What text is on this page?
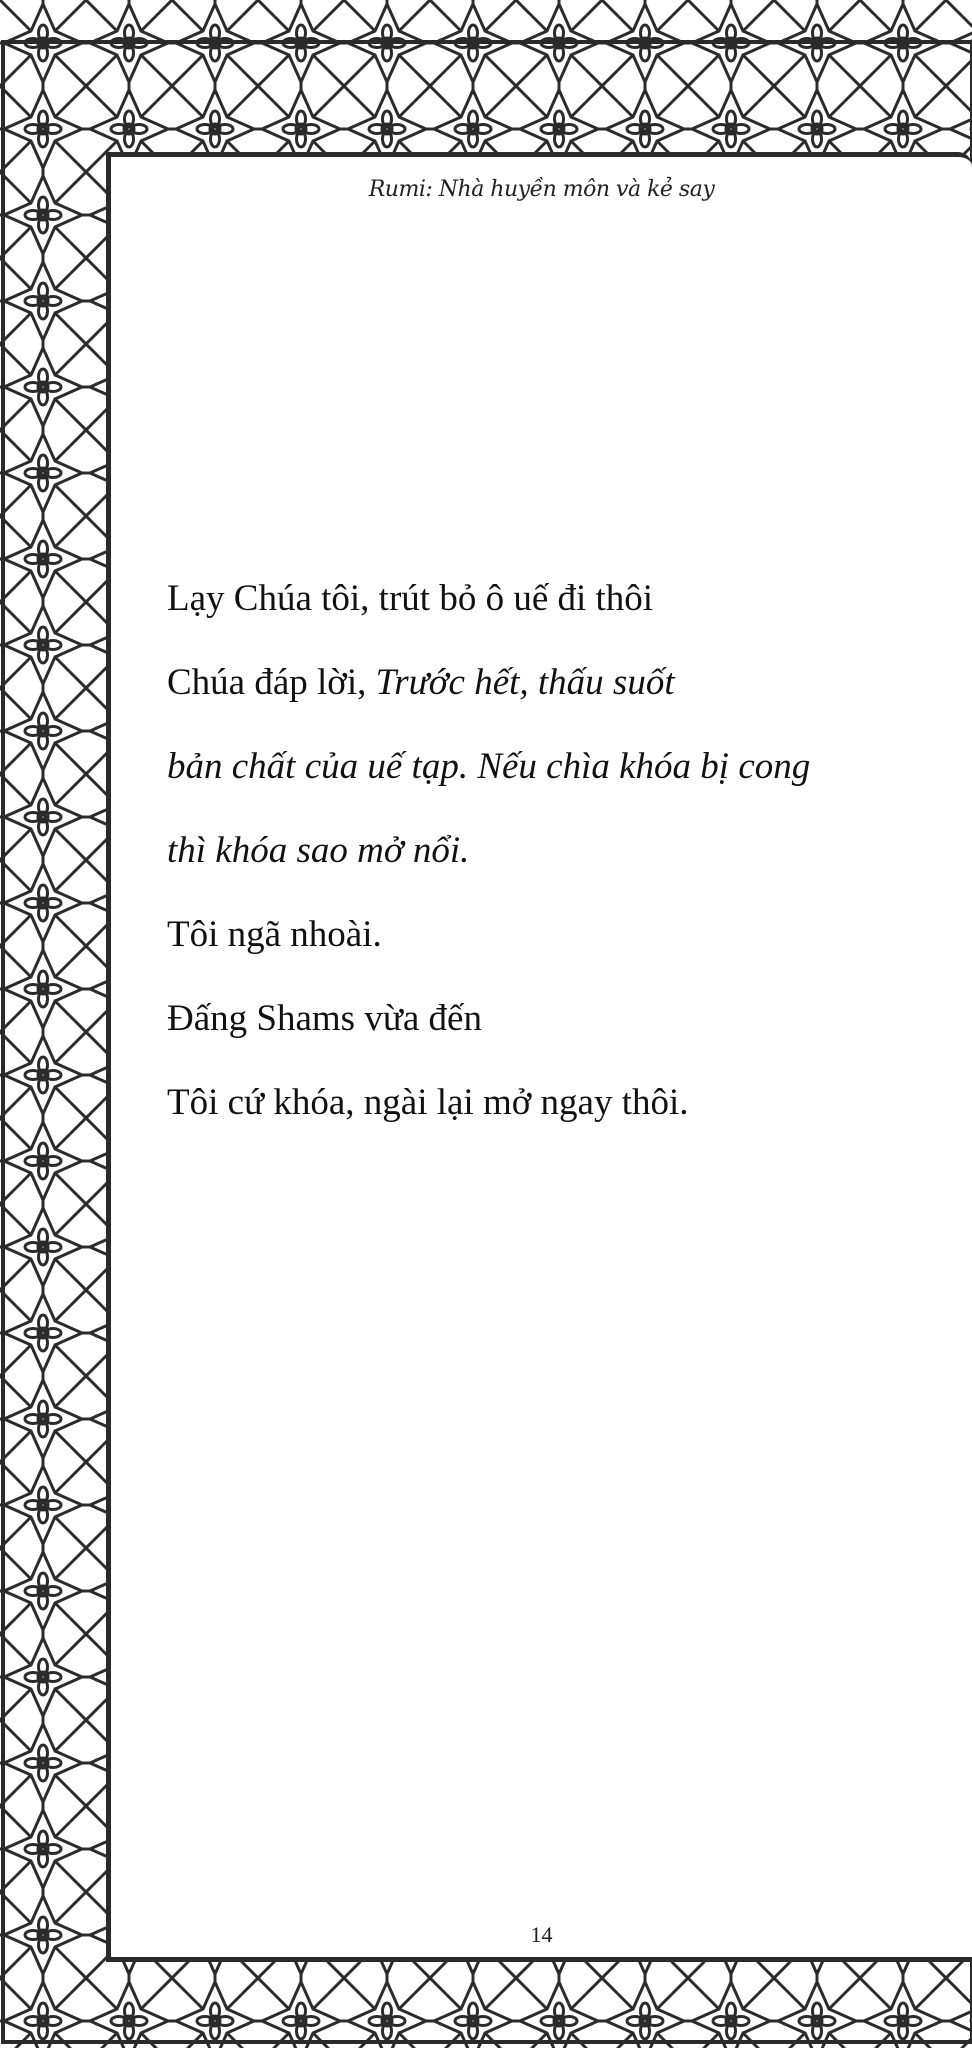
Rumi: Nhà huyền môn và kẻ say
Lạy Chúa tôi, trút bỏ ô uế đi thôi
Chúa đáp lời, Trước hết, thấu suốt
bản chất của uế tạp. Nếu chìa khóa bị cong
thì khóa sao mở nổi.
Tôi ngã nhoài.
Đấng Shams vừa đến
Tôi cứ khóa, ngài lại mở ngay thôi.
14
